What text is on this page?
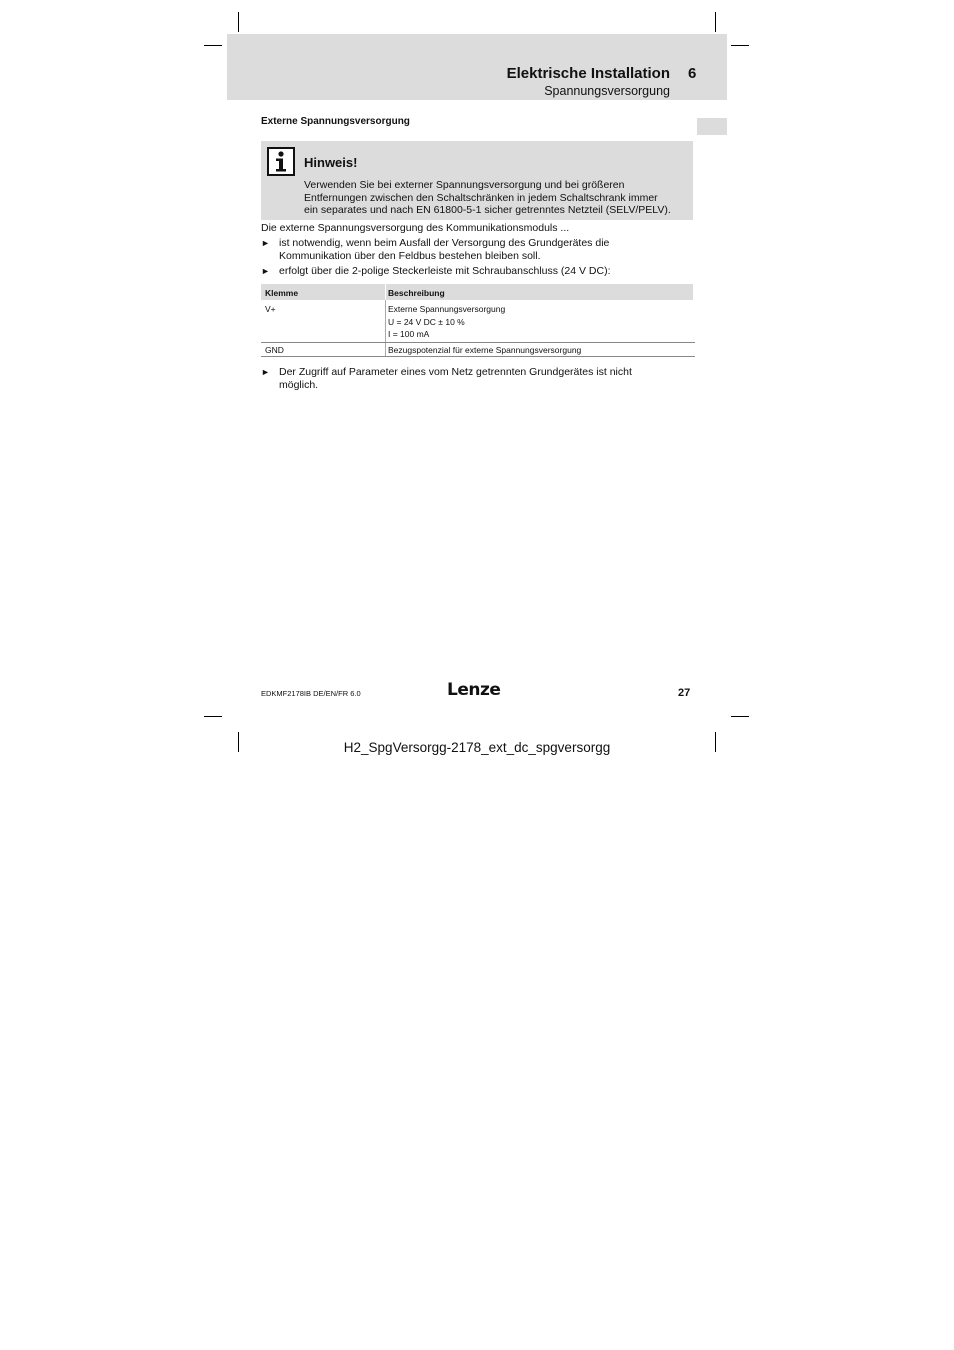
Elektrische Installation 6
Spannungsversorgung
Externe Spannungsversorgung
Hinweis!
Verwenden Sie bei externer Spannungsversorgung und bei größeren
Entfernungen zwischen den Schaltschränken in jedem Schaltschrank immer
ein separates und nach EN 61800-5-1 sicher getrenntes Netzteil (SELV/PELV).
Die externe Spannungsversorgung des Kommunikationsmoduls ...
► ist notwendig, wenn beim Ausfall der Versorgung des Grundgerätes die
Kommunikation über den Feldbus bestehen bleiben soll.
► erfolgt über die 2-polige Steckerleiste mit Schraubanschluss (24 V DC):
Klemme	Beschreibung
V+	Externe Spannungsversorgung
U = 24 V DC ± 10 %
I = 100 mA
GND	Bezugspotenzial für externe Spannungsversorgung
► Der Zugriff auf Parameter eines vom Netz getrennten Grundgerätes ist nicht
möglich.
EDKMF2178IB DE/EN/FR 6.0	Lenze	27
H2_SpgVersorgg-2178_ext_dc_spgversorgg
